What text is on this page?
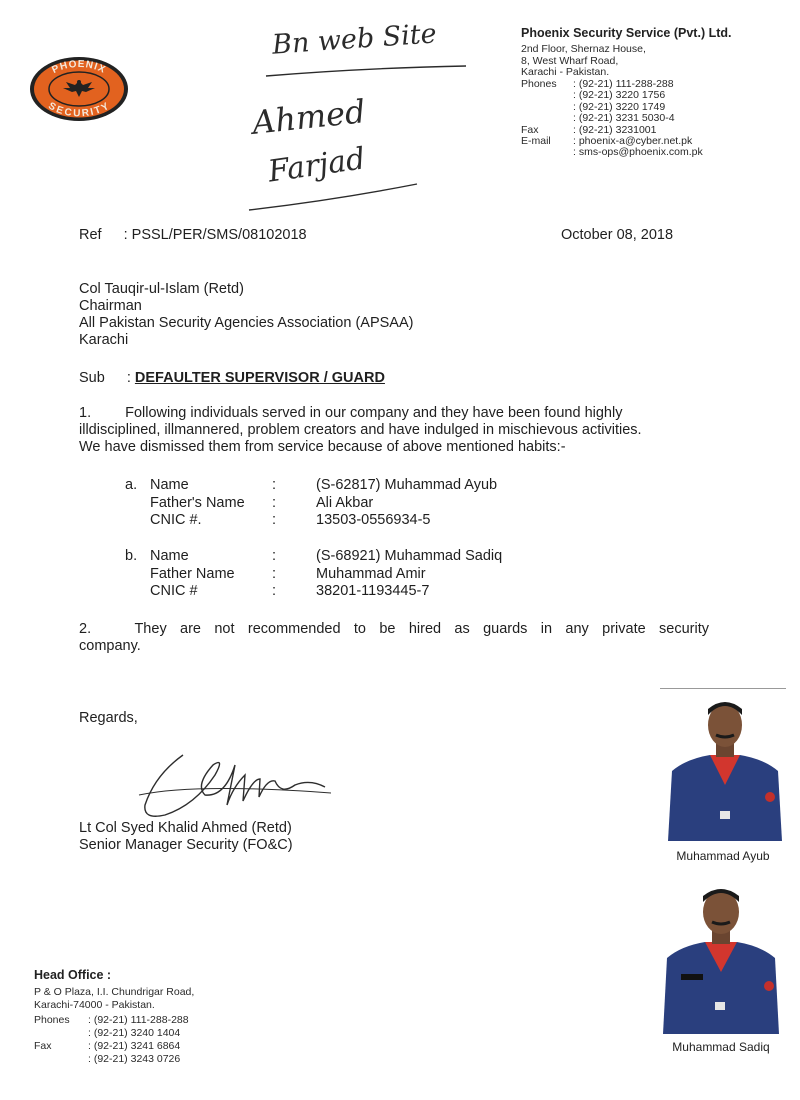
PHOENIX
SECURITY
Bn web Site
Ahmed
Farjad
Phoenix Security Service (Pvt.) Ltd.
2nd Floor, Shernaz House,
8, West Wharf Road,
Karachi - Pakistan.
Phones	: (92-21) 111-288-288
	: (92-21) 3220 1756
	: (92-21) 3220 1749
	: (92-21) 3231 5030-4
Fax	: (92-21) 3231001
E-mail	: phoenix-a@cyber.net.pk
	: sms-ops@phoenix.com.pk
Ref : PSSL/PER/SMS/08102018	October 08, 2018
Col Tauqir-ul-Islam (Retd)
Chairman
All Pakistan Security Agencies Association (APSAA)
Karachi
Sub : DEFAULTER SUPERVISOR / GUARD
1. Following individuals served in our company and they have been found highly
illdisciplined, illmannered, problem creators and have indulged in mischievous activities.
We have dismissed them from service because of above mentioned habits:-
a.	Name	:	(S-62817) Muhammad Ayub
	Father's Name	:	Ali Akbar
	CNIC #.	:	13503-0556934-5
b.	Name	:	(S-68921) Muhammad Sadiq
	Father Name	:	Muhammad Amir
	CNIC #	:	38201-1193445-7
2.	They are not recommended to be hired as guards in any private security
company.
Regards,
Lt Col Syed Khalid Ahmed (Retd)
Senior Manager Security (FO&C)
Muhammad Ayub
Muhammad Sadiq
Head Office :
P & O Plaza, I.I. Chundrigar Road,
Karachi-74000 - Pakistan.
Phones	: (92-21) 111-288-288
	: (92-21) 3240 1404
Fax	: (92-21) 3241 6864
	: (92-21) 3243 0726
